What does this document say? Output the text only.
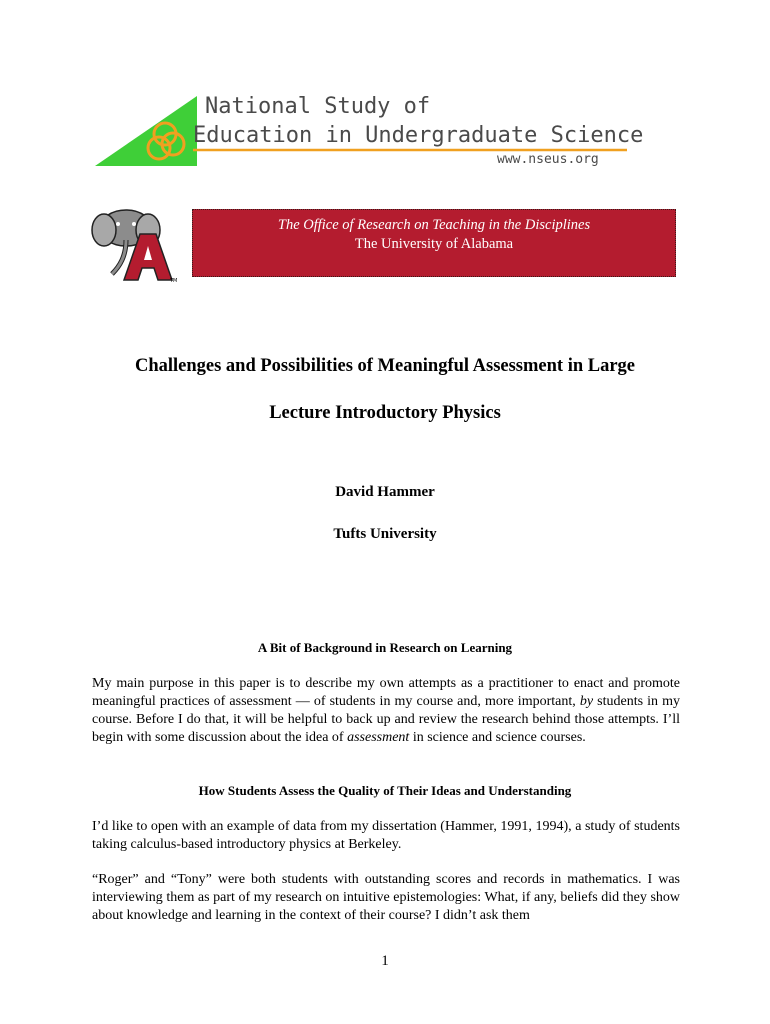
National Study of
Education in Undergraduate Science
www.nseus.org
TM
The Office of Research on Teaching in the Disciplines
The University of Alabama
Challenges and Possibilities of Meaningful Assessment in Large
Lecture Introductory Physics
David Hammer
Tufts University
A Bit of Background in Research on Learning
My main purpose in this paper is to describe my own attempts as a practitioner to enact and promote meaningful practices of assessment — of students in my course and, more important, by students in my course. Before I do that, it will be helpful to back up and review the research behind those attempts. I’ll begin with some discussion about the idea of assessment in science and science courses.
How Students Assess the Quality of Their Ideas and Understanding
I’d like to open with an example of data from my dissertation (Hammer, 1991, 1994), a study of students taking calculus-based introductory physics at Berkeley.
“Roger” and “Tony” were both students with outstanding scores and records in mathematics. I was interviewing them as part of my research on intuitive epistemologies: What, if any, beliefs did they show about knowledge and learning in the context of their course? I didn’t ask them
1
